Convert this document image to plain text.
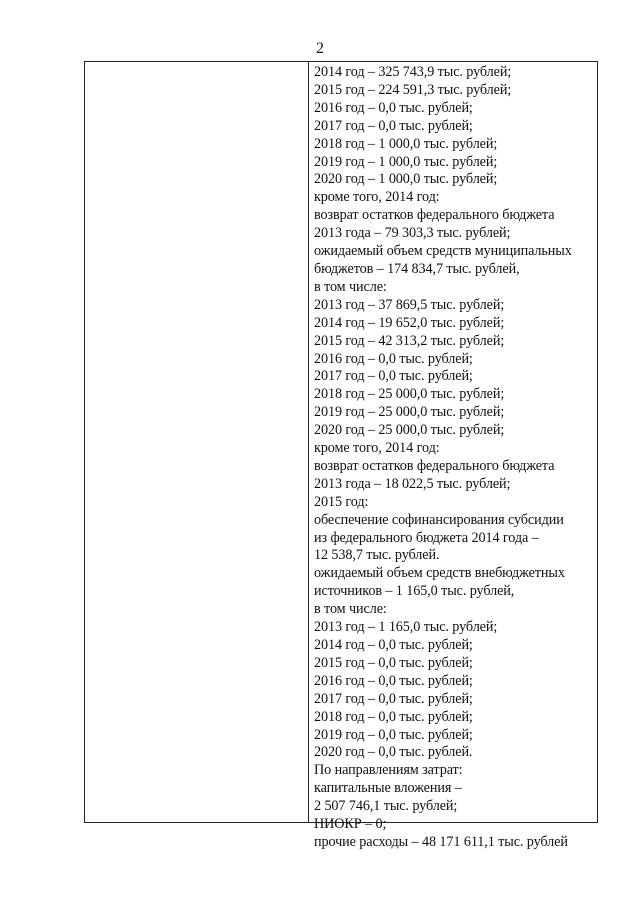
2
2014 год – 325 743,9 тыс. рублей;
2015 год – 224 591,3 тыс. рублей;
2016 год – 0,0 тыс. рублей;
2017 год – 0,0 тыс. рублей;
2018 год – 1 000,0 тыс. рублей;
2019 год – 1 000,0 тыс. рублей;
2020 год – 1 000,0 тыс. рублей;
кроме того, 2014 год:
возврат остатков федерального бюджета
2013 года – 79 303,3 тыс. рублей;
ожидаемый объем средств муниципальных
бюджетов – 174 834,7 тыс. рублей,
в том числе:
2013 год – 37 869,5 тыс. рублей;
2014 год – 19 652,0 тыс. рублей;
2015 год – 42 313,2 тыс. рублей;
2016 год – 0,0 тыс. рублей;
2017 год – 0,0 тыс. рублей;
2018 год – 25 000,0 тыс. рублей;
2019 год – 25 000,0 тыс. рублей;
2020 год – 25 000,0 тыс. рублей;
кроме того, 2014 год:
возврат остатков федерального бюджета
2013 года – 18 022,5 тыс. рублей;
2015 год:
обеспечение софинансирования субсидии
из федерального бюджета 2014 года –
12 538,7 тыс. рублей.
ожидаемый объем средств внебюджетных
источников – 1 165,0 тыс. рублей,
в том числе:
2013 год – 1 165,0 тыс. рублей;
2014 год – 0,0 тыс. рублей;
2015 год – 0,0 тыс. рублей;
2016 год – 0,0 тыс. рублей;
2017 год – 0,0 тыс. рублей;
2018 год – 0,0 тыс. рублей;
2019 год – 0,0 тыс. рублей;
2020 год – 0,0 тыс. рублей.
По направлениям затрат:
капитальные вложения –
2 507 746,1 тыс. рублей;
НИОКР – 0;
прочие расходы – 48 171 611,1 тыс. рублей
